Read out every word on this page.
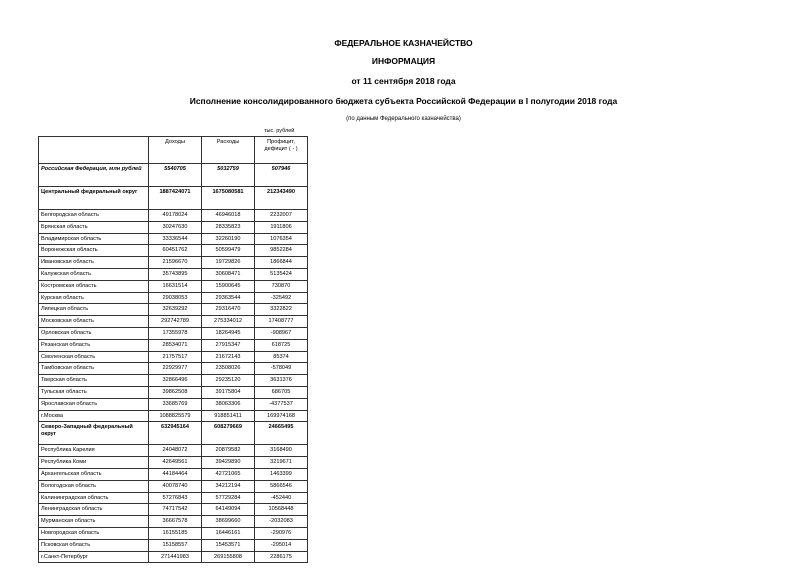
ФЕДЕРАЛЬНОЕ КАЗНАЧЕЙСТВО
ИНФОРМАЦИЯ
от 11 сентября 2018 года
Исполнение консолидированного бюджета субъекта Российской Федерации в I полугодии 2018 года
(по данным Федерального казначейства)
тыс. рублей
	Доходы	Расходы	Профицит, дефицит ( - )
Российская Федерация, млн рублей	5540705	5032759	507946
Центральный федеральный округ	1887424071	1675080581	212343490
Белгородская область	49178024	46946018	2232007
Брянская область	30247630	28335823	1911806
Владимирская область	33336544	32260190	1076354
Воронежская область	60451762	50599479	9852284
Ивановская область	21596670	19729826	1866844
Калужская область	35743895	30608471	5135424
Костромская область	16631514	15900645	730870
Курская область	29038053	29363544	-325492
Липецкая область	32639292	29316470	3322822
Московская область	292742789	275334012	17408777
Орловская область	17355978	18264945	-908967
Рязанская область	28534071	27915347	618725
Смоленская область	21757517	21672143	85374
Тамбовская область	22929977	23508026	-578049
Тверская область	32866496	29235120	3631376
Тульская область	39862508	39175804	686705
Ярославская область	33685769	38063306	-4377537
г.Москва	1088825579	918851411	169974168
Северо-Западный федеральный округ	632945164	608279669	24665495
Республика Карелия	24048072	20879582	3168490
Республика Коми	42649561	39429890	3219671
Архангельская область	44184464	42721065	1463399
Вологодская область	40078740	34212194	5866546
Калининградская область	57276843	57729284	-452440
Ленинградская область	74717542	64149094	10568448
Мурманская область	36667578	38699660	-2032083
Новгородская область	16155185	16446161	-290976
Псковская область	15158557	15453571	-295014
г.Санкт-Петербург	271441983	269155808	2286175
